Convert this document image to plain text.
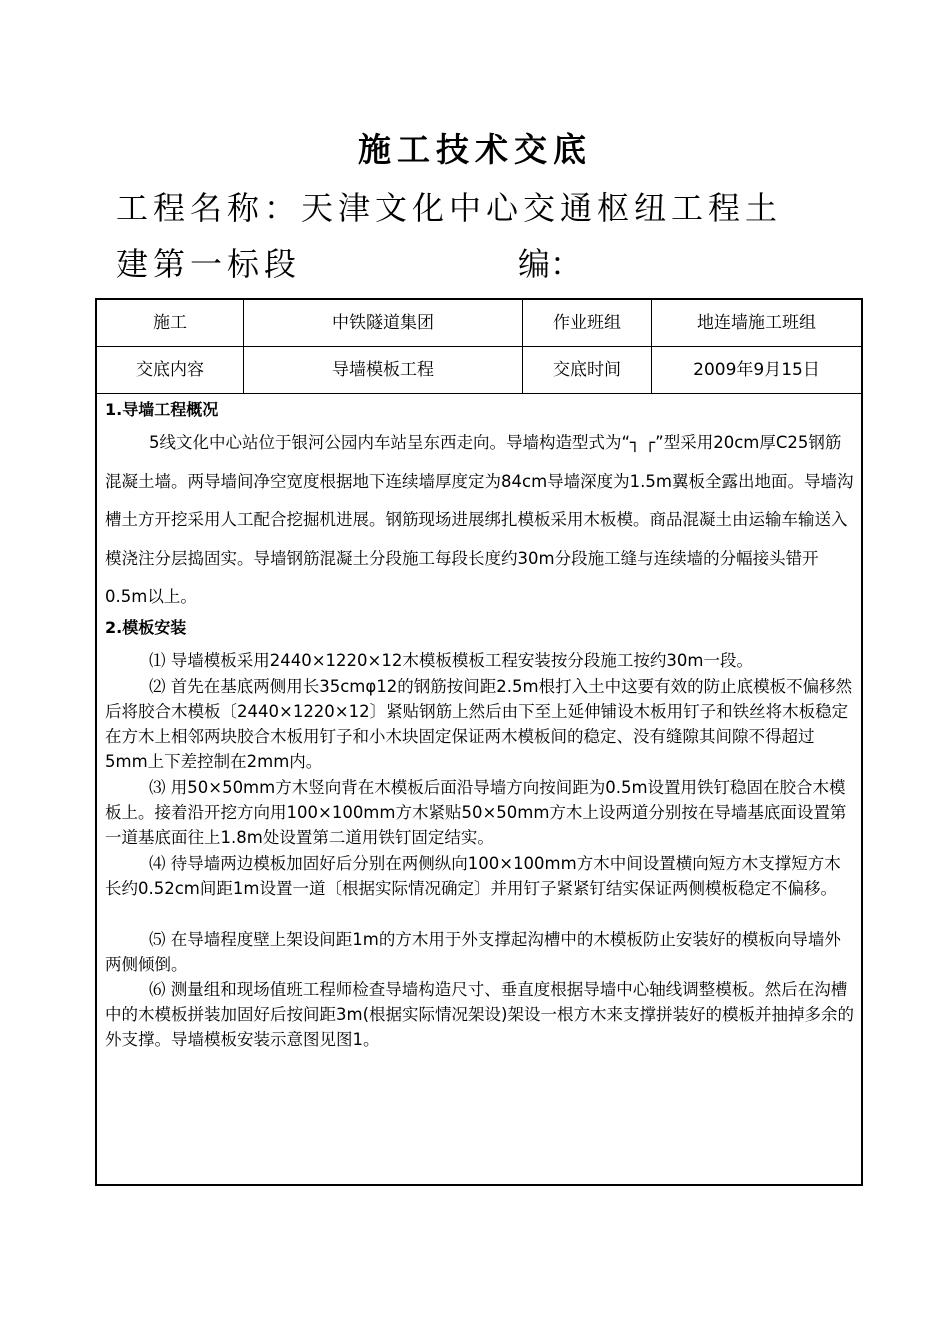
施工技术交底
工程名称：天津文化中心交通枢纽工程土
建第一标段	编：
施工	中铁隧道集团	作业班组	地连墙施工班组
交底内容	导墙模板工程	交底时间	2009年9月15日
1.导墙工程概况
5线文化中心站位于银河公园内车站呈东西走向。导墙构造型式为“┐ ┌”型采用20cm厚C25钢筋混凝土墙。两导墙间净空宽度根据地下连续墙厚度定为84cm导墙深度为1.5m翼板全露出地面。导墙沟槽土方开挖采用人工配合挖掘机进展。钢筋现场进展绑扎模板采用木板模。商品混凝土由运输车输送入模浇注分层捣固实。导墙钢筋混凝土分段施工每段长度约30m分段施工缝与连续墙的分幅接头错开0.5m以上。
2.模板安装
⑴ 导墙模板采用2440×1220×12木模板模板工程安装按分段施工按约30m一段。
⑵ 首先在基底两侧用长35cmφ12的钢筋按间距2.5m根打入土中这要有效的防止底模板不偏移然后将胶合木模板〔2440×1220×12〕紧贴钢筋上然后由下至上延伸铺设木板用钉子和铁丝将木板稳定在方木上相邻两块胶合木板用钉子和小木块固定保证两木模板间的稳定、没有缝隙其间隙不得超过5mm上下差控制在2mm内。
⑶ 用50×50mm方木竖向背在木模板后面沿导墙方向按间距为0.5m设置用铁钉稳固在胶合木模板上。接着沿开挖方向用100×100mm方木紧贴50×50mm方木上设两道分别按在导墙基底面设置第一道基底面往上1.8m处设置第二道用铁钉固定结实。
⑷ 待导墙两边模板加固好后分别在两侧纵向100×100mm方木中间设置横向短方木支撑短方木长约0.52cm间距1m设置一道〔根据实际情况确定〕并用钉子紧紧钉结实保证两侧模板稳定不偏移。
⑸ 在导墙程度壁上架设间距1m的方木用于外支撑起沟槽中的木模板防止安装好的模板向导墙外两侧倾倒。
⑹ 测量组和现场值班工程师检查导墙构造尺寸、垂直度根据导墙中心轴线调整模板。然后在沟槽中的木模板拼装加固好后按间距3m(根据实际情况架设)架设一根方木来支撑拼装好的模板并抽掉多余的外支撑。导墙模板安装示意图见图1。
